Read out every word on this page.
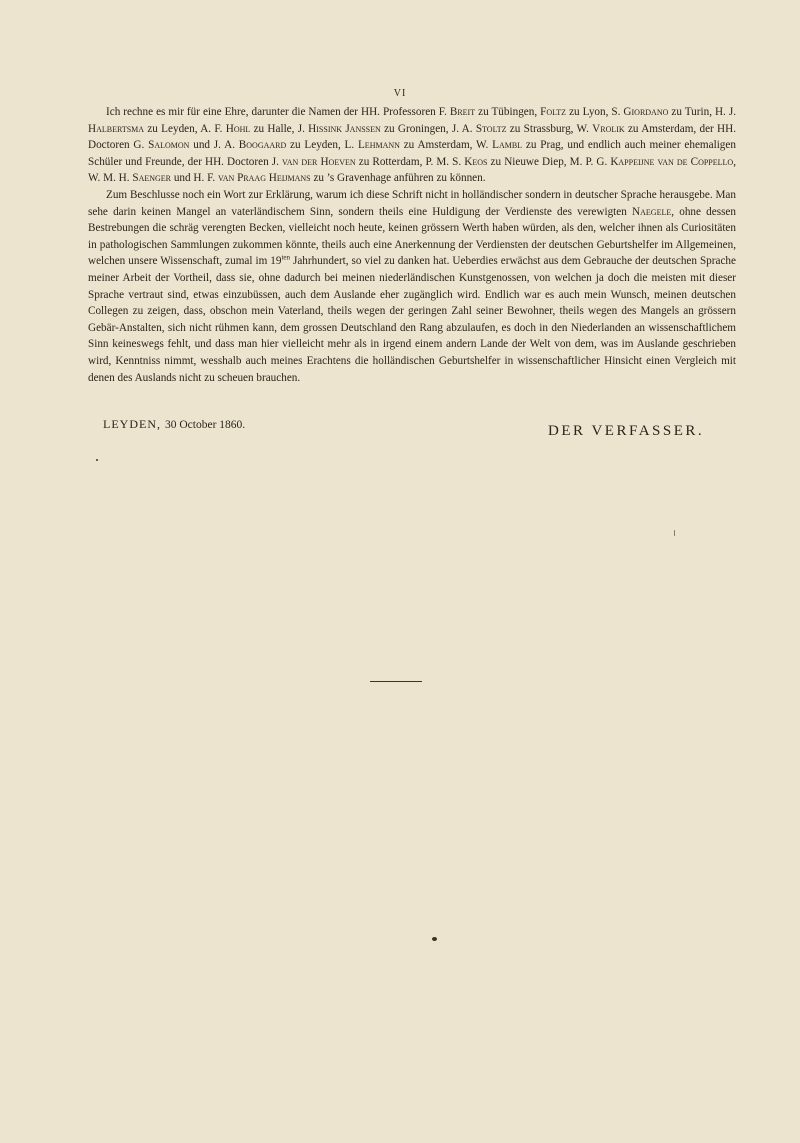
VI

Ich rechne es mir für eine Ehre, darunter die Namen der HH. Professoren F. Breit zu Tübingen, Foltz zu Lyon, S. Giordano zu Turin, H. J. Halbertsma zu Leyden, A. F. Hohl zu Halle, J. Hissink Janssen zu Groningen, J. A. Stoltz zu Strassburg, W. Vrolik zu Amsterdam, der HH. Doctoren G. Salomon und J. A. Boogaard zu Leyden, L. Lehmann zu Amsterdam, W. Lambl zu Prag, und endlich auch meiner ehemaligen Schüler und Freunde, der HH. Doctoren J. van der Hoeven zu Rotterdam, P. M. S. Keos zu Nieuwe Diep, M. P. G. Kappeijne van de Coppello, W. M. H. Saenger und H. F. van Praag Heijmans zu ’s Gravenhage anführen zu können.

Zum Beschlusse noch ein Wort zur Erklärung, warum ich diese Schrift nicht in holländischer sondern in deutscher Sprache herausgebe. Man sehe darin keinen Mangel an vaterländischem Sinn, sondern theils eine Huldigung der Verdienste des verewigten Naegele, ohne dessen Bestrebungen die schräg verengten Becken, vielleicht noch heute, keinen grössern Werth haben würden, als den, welcher ihnen als Curiositäten in pathologischen Sammlungen zukommen könnte, theils auch eine Anerkennung der Verdiensten der deutschen Geburtshelfer im Allgemeinen, welchen unsere Wissenschaft, zumal im $19^{ten}$ Jahrhundert, so viel zu danken hat. Ueberdies erwächst aus dem Gebrauche der deutschen Sprache meiner Arbeit der Vortheil, dass sie, ohne dadurch bei meinen niederländischen Kunstgenossen, von welchen ja doch die meisten mit dieser Sprache vertraut sind, etwas einzubüssen, auch dem Auslande eher zugänglich wird. Endlich war es auch mein Wunsch, meinen deutschen Collegen zu zeigen, dass, obschon mein Vaterland, theils wegen der geringen Zahl seiner Bewohner, theils wegen des Mangels an grössern Gebär-Anstalten, sich nicht rühmen kann, dem grossen Deutschland den Rang abzulaufen, es doch in den Niederlanden an wissenschaftlichem Sinn keineswegs fehlt, und dass man hier vielleicht mehr als in irgend einem andern Lande der Welt von dem, was im Auslande geschrieben wird, Kenntniss nimmt, wesshalb auch meines Erachtens die holländischen Geburtshelfer in wissenschaftlicher Hinsicht einen Vergleich mit denen des Auslands nicht zu scheuen brauchen.

LEYDEN, 30 October 1860.	DER VERFASSER.
